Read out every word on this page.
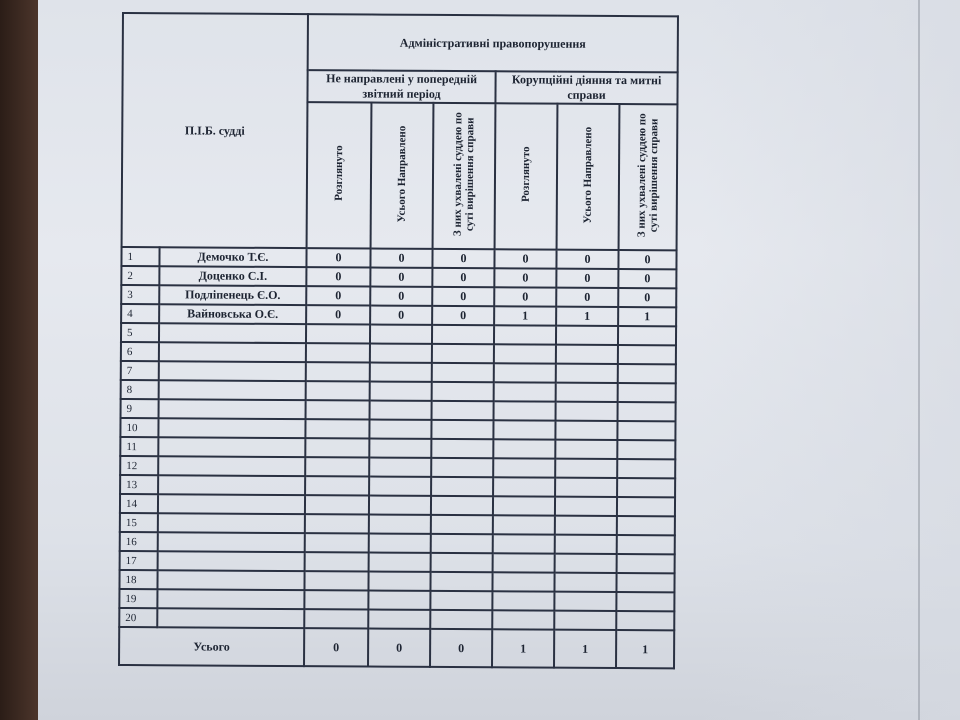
П.І.Б. судді		Адміністративні правопорушення					
		Не направлені у попередній звітний період			Корупційні діяння та митні справи		
		Розглянуто	Усього Направлено	З них ухвалені суддею по суті вирішення справи	Розглянуто	Усього Направлено	З них ухвалені суддею по суті вирішення справи
1	Демочко Т.Є.	0	0	0	0	0	0
2	Доценко С.І.	0	0	0	0	0	0
3	Подліпенець Є.О.	0	0	0	0	0	0
4	Вайновська О.Є.	0	0	0	1	1	1
5							
6							
7							
8							
9							
10							
11							
12							
13							
14							
15							
16							
17							
18							
19							
20							
Усього		0	0	0	1	1	1
